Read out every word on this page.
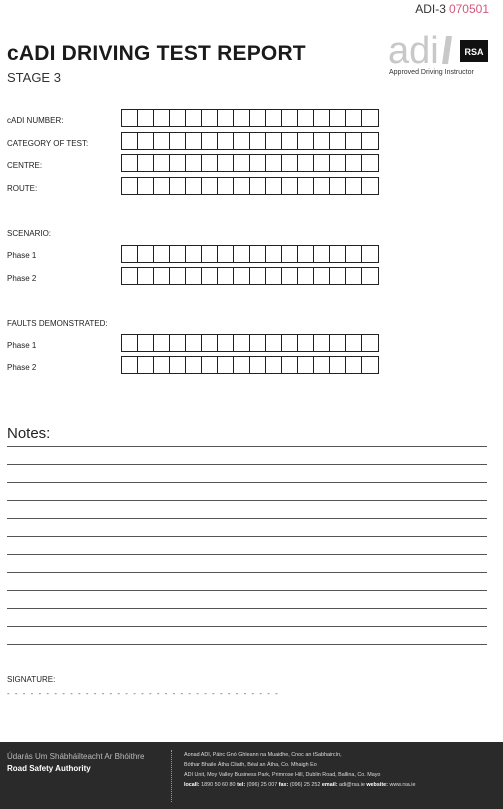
ADI-3 070501
cADI DRIVING TEST REPORT
STAGE 3
adi	RSA
Approved Driving Instructor
cADI NUMBER:
CATEGORY OF TEST:
CENTRE:
ROUTE:
SCENARIO:
Phase 1
Phase 2
FAULTS DEMONSTRATED:
Phase 1
Phase 2
Notes:
SIGNATURE:
- - - - - - - - - - - - - - - - - - - - - - - - - - - - - - - - - - -
Údarás Um Shábháilteacht Ar Bhóithre
Road Safety Authority
Aonad ADI, Páirc Gnó Ghleann na Muaidhe, Cnoc an tSabhaircín,
Bóthar Bhaile Átha Cliath, Béal an Átha, Co. Mhaigh Eo
ADI Unit, Moy Valley Business Park, Primrose Hill, Dublin Road, Ballina, Co. Mayo
locall: 1890 50 60 80 tel: (096) 25 007 fax: (096) 25 252 email: adi@rsa.ie website: www.rsa.ie
